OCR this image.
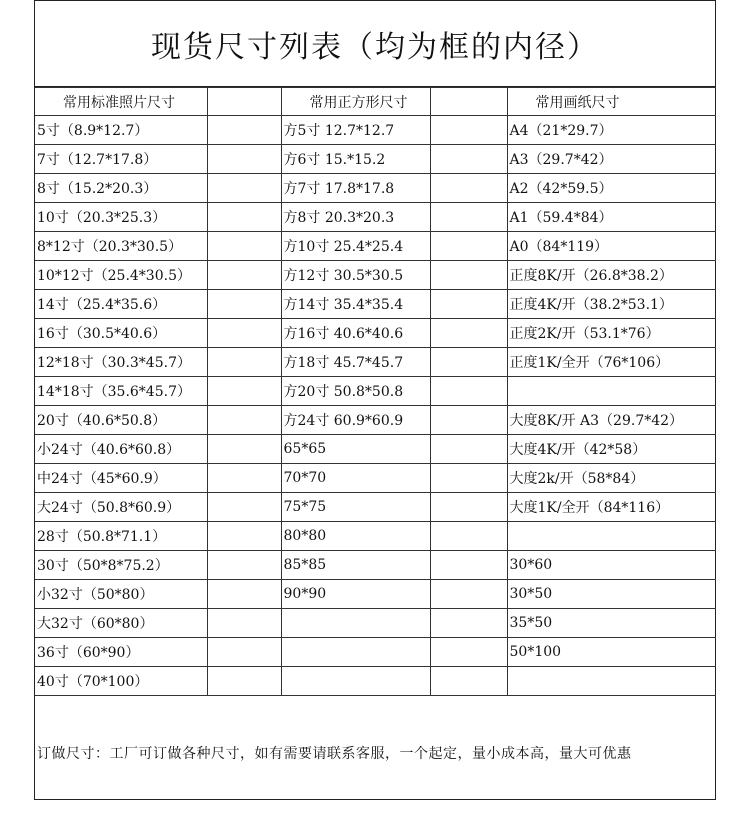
现货尺寸列表（均为框的内径）
常用标准照片尺寸		常用正方形尺寸		常用画纸尺寸
5寸（8.9*12.7）		方5寸 12.7*12.7		A4（21*29.7）
7寸（12.7*17.8）		方6寸 15.*15.2		A3（29.7*42）
8寸（15.2*20.3）		方7寸 17.8*17.8		A2（42*59.5）
10寸（20.3*25.3）		方8寸 20.3*20.3		A1（59.4*84）
8*12寸（20.3*30.5）		方10寸 25.4*25.4		A0（84*119）
10*12寸（25.4*30.5）		方12寸 30.5*30.5		正度8K/开（26.8*38.2）
14寸（25.4*35.6）		方14寸 35.4*35.4		正度4K/开（38.2*53.1）
16寸（30.5*40.6）		方16寸 40.6*40.6		正度2K/开（53.1*76）
12*18寸（30.3*45.7）		方18寸 45.7*45.7		正度1K/全开（76*106）
14*18寸（35.6*45.7）		方20寸 50.8*50.8		
20寸（40.6*50.8）		方24寸 60.9*60.9		大度8K/开 A3（29.7*42）
小24寸（40.6*60.8）		65*65		大度4K/开（42*58）
中24寸（45*60.9）		70*70		大度2k/开（58*84）
大24寸（50.8*60.9）		75*75		大度1K/全开（84*116）
28寸（50.8*71.1）		80*80		
30寸（50*8*75.2）		85*85		30*60
小32寸（50*80）		90*90		30*50
大32寸（60*80）				35*50
36寸（60*90）				50*100
40寸（70*100）				
订做尺寸：工厂可订做各种尺寸，如有需要请联系客服，一个起定，量小成本高，量大可优惠
